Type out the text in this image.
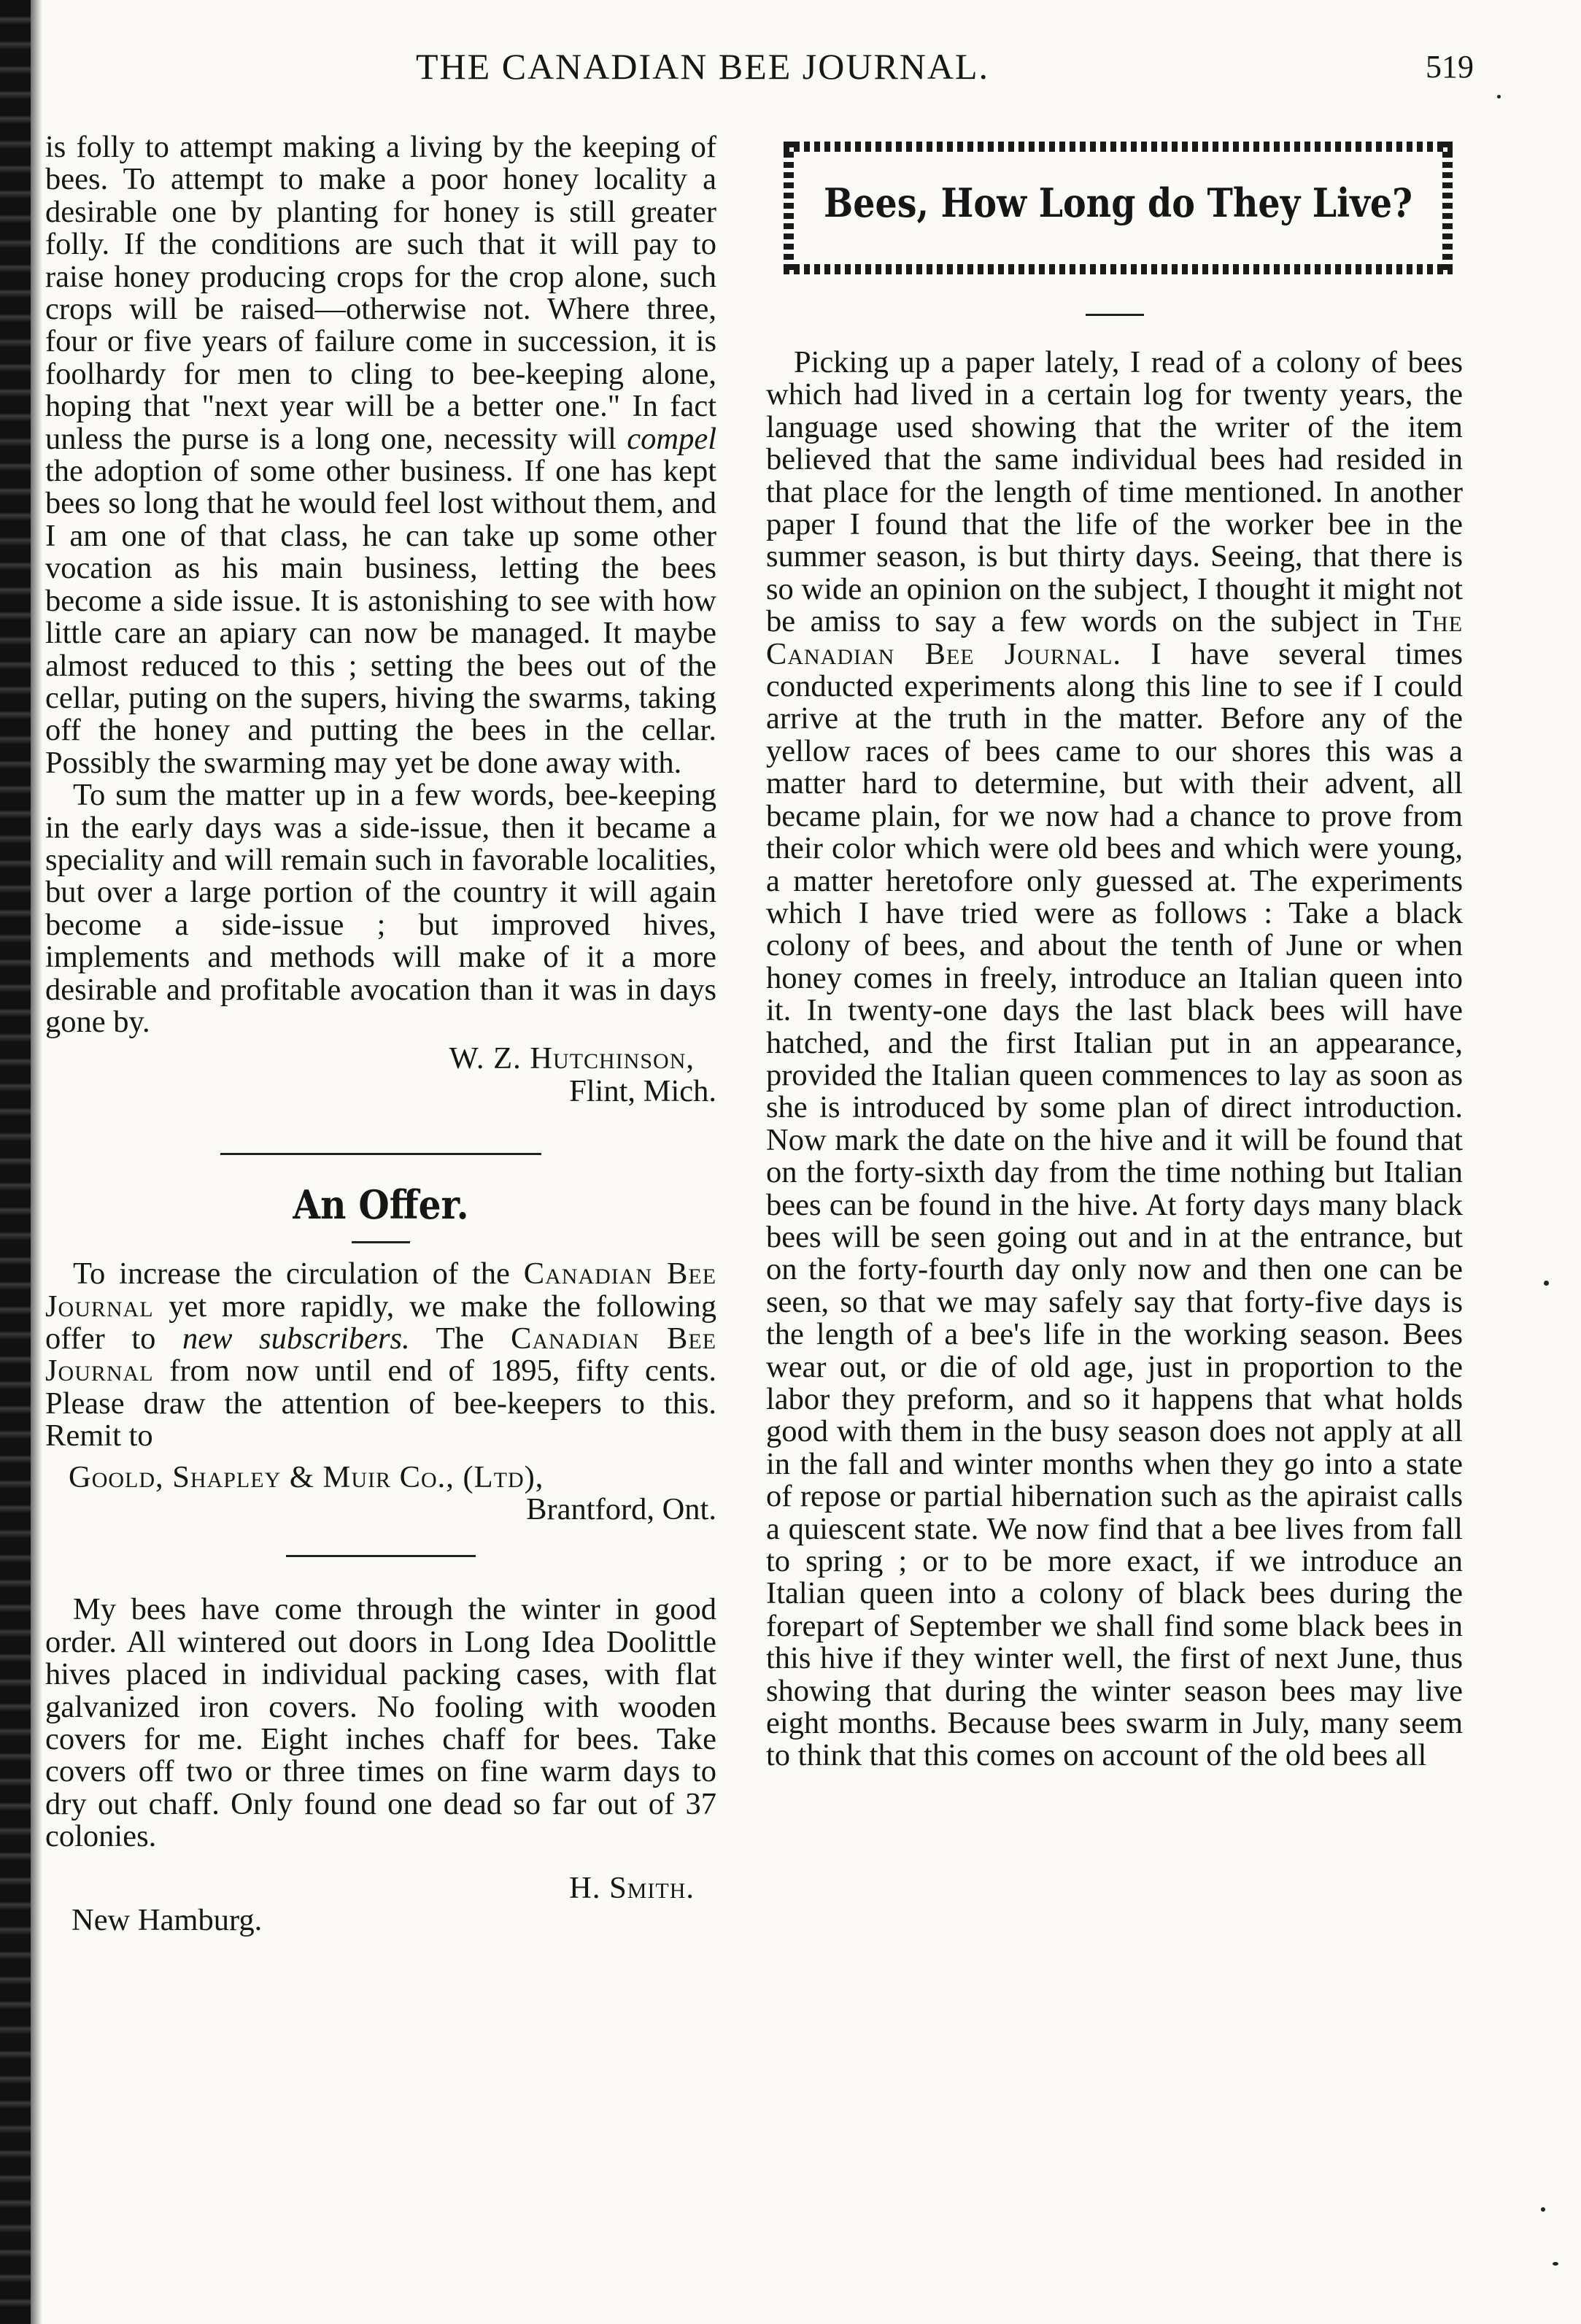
THE CANADIAN BEE JOURNAL.	519

is folly to attempt making a living by the keeping of bees. To attempt to make a poor honey locality a desirable one by planting for honey is still greater folly. If the conditions are such that it will pay to raise honey producing crops for the crop alone, such crops will be raised—otherwise not. Where three, four or five years of failure come in succession, it is foolhardy for men to cling to bee-keeping alone, hoping that "next year will be a better one." In fact unless the purse is a long one, necessity will compel the adoption of some other business. If one has kept bees so long that he would feel lost without them, and I am one of that class, he can take up some other vocation as his main business, letting the bees become a side issue. It is astonishing to see with how little care an apiary can now be managed. It maybe almost reduced to this ; setting the bees out of the cellar, puting on the supers, hiving the swarms, taking off the honey and putting the bees in the cellar. Possibly the swarming may yet be done away with.

To sum the matter up in a few words, bee-keeping in the early days was a side-issue, then it became a speciality and will remain such in favorable localities, but over a large portion of the country it will again become a side-issue ; but improved hives, implements and methods will make of it a more desirable and profitable avocation than it was in days gone by.

W. Z. Hutchinson,

Flint, Mich.

An Offer.

To increase the circulation of the Canadian Bee Journal yet more rapidly, we make the following offer to new subscribers. The Canadian Bee Journal from now until end of 1895, fifty cents. Please draw the attention of bee-keepers to this. Remit to

Goold, Shapley & Muir Co., (Ltd),

Brantford, Ont.

My bees have come through the winter in good order. All wintered out doors in Long Idea Doolittle hives placed in individual packing cases, with flat galvanized iron covers. No fooling with wooden covers for me. Eight inches chaff for bees. Take covers off two or three times on fine warm days to dry out chaff. Only found one dead so far out of 37 colonies.

H. Smith.

New Hamburg.

Bees, How Long do They Live?

Picking up a paper lately, I read of a colony of bees which had lived in a certain log for twenty years, the language used showing that the writer of the item believed that the same individual bees had resided in that place for the length of time mentioned. In another paper I found that the life of the worker bee in the summer season, is but thirty days. Seeing, that there is so wide an opinion on the subject, I thought it might not be amiss to say a few words on the subject in The Canadian Bee Journal. I have several times conducted experiments along this line to see if I could arrive at the truth in the matter. Before any of the yellow races of bees came to our shores this was a matter hard to determine, but with their advent, all became plain, for we now had a chance to prove from their color which were old bees and which were young, a matter heretofore only guessed at. The experiments which I have tried were as follows : Take a black colony of bees, and about the tenth of June or when honey comes in freely, introduce an Italian queen into it. In twenty-one days the last black bees will have hatched, and the first Italian put in an appearance, provided the Italian queen commences to lay as soon as she is introduced by some plan of direct introduction. Now mark the date on the hive and it will be found that on the forty-sixth day from the time nothing but Italian bees can be found in the hive. At forty days many black bees will be seen going out and in at the entrance, but on the forty-fourth day only now and then one can be seen, so that we may safely say that forty-five days is the length of a bee's life in the working season. Bees wear out, or die of old age, just in proportion to the labor they preform, and so it happens that what holds good with them in the busy season does not apply at all in the fall and winter months when they go into a state of repose or partial hibernation such as the apiraist calls a quiescent state. We now find that a bee lives from fall to spring ; or to be more exact, if we introduce an Italian queen into a colony of black bees during the forepart of September we shall find some black bees in this hive if they winter well, the first of next June, thus showing that during the winter season bees may live eight months. Because bees swarm in July, many seem to think that this comes on account of the old bees all
